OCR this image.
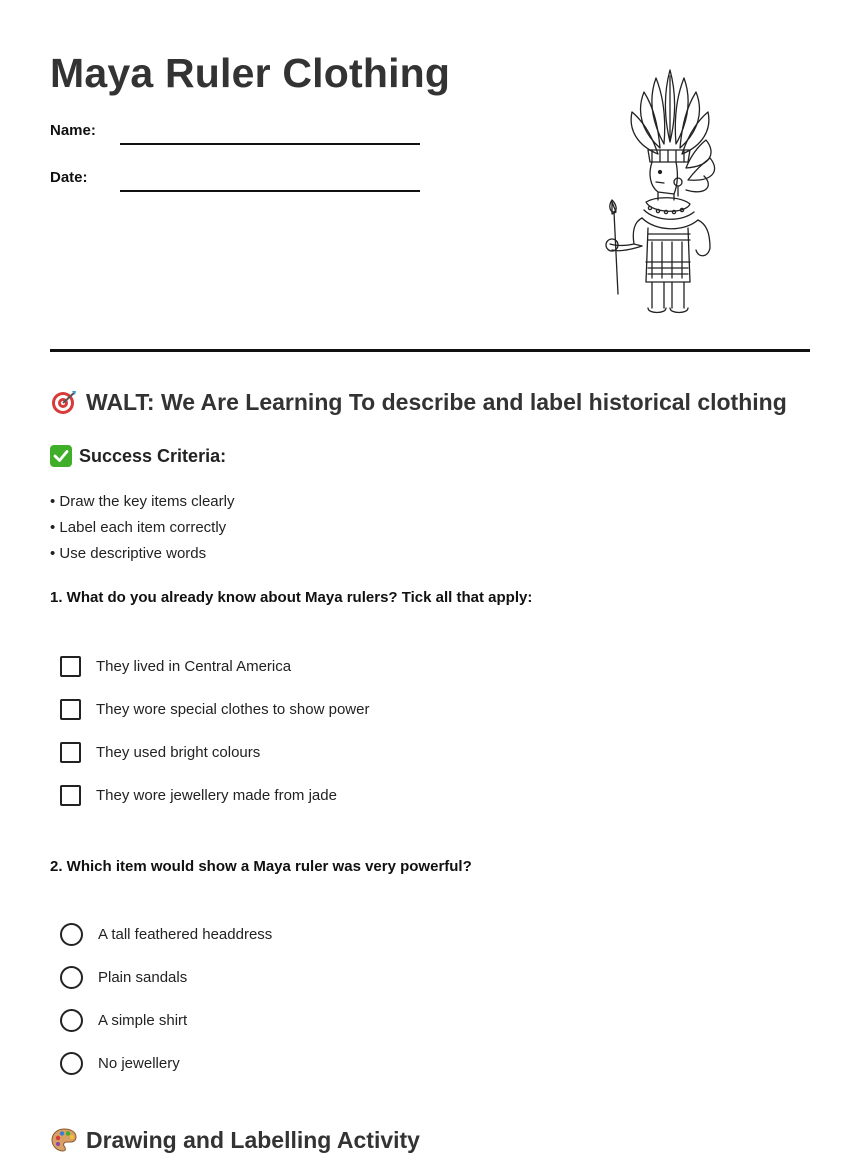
Maya Ruler Clothing
Name:
Date:
WALT: We Are Learning To describe and label historical clothing
Success Criteria:
• Draw the key items clearly
• Label each item correctly
• Use descriptive words

1. What do you already know about Maya rulers? Tick all that apply:

They lived in Central America
They wore special clothes to show power
They used bright colours
They wore jewellery made from jade

2. Which item would show a Maya ruler was very powerful?

A tall feathered headdress
Plain sandals
A simple shirt
No jewellery
Drawing and Labelling Activity
